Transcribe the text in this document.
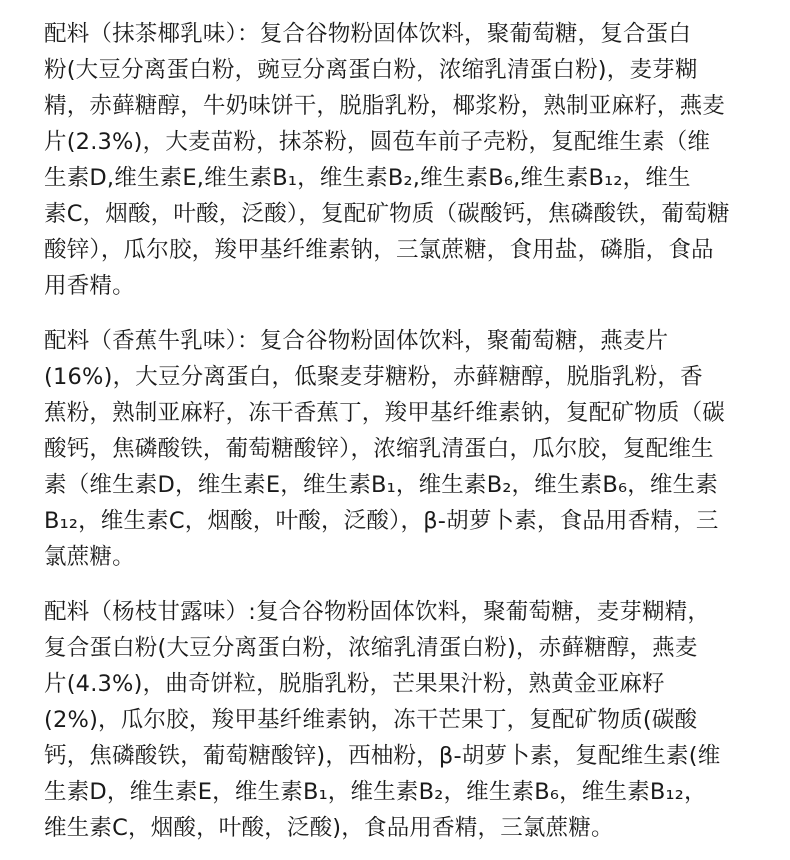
配料（抹茶椰乳味）：复合谷物粉固体饮料，聚葡萄糖，复合蛋白
粉(大豆分离蛋白粉，豌豆分离蛋白粉，浓缩乳清蛋白粉)，麦芽糊
精，赤藓糖醇，牛奶味饼干，脱脂乳粉，椰浆粉，熟制亚麻籽，燕麦
片(2.3%)，大麦苗粉，抹茶粉，圆苞车前子壳粉，复配维生素（维
生素D,维生素E,维生素B₁，维生素B₂,维生素B₆,维生素B₁₂，维生
素C，烟酸，叶酸，泛酸），复配矿物质（碳酸钙，焦磷酸铁，葡萄糖
酸锌），瓜尔胶，羧甲基纤维素钠，三氯蔗糖，食用盐，磷脂，食品
用香精。
配料（香蕉牛乳味）：复合谷物粉固体饮料，聚葡萄糖，燕麦片
(16%)，大豆分离蛋白，低聚麦芽糖粉，赤藓糖醇，脱脂乳粉，香
蕉粉，熟制亚麻籽，冻干香蕉丁，羧甲基纤维素钠，复配矿物质（碳
酸钙，焦磷酸铁，葡萄糖酸锌），浓缩乳清蛋白，瓜尔胶，复配维生
素（维生素D，维生素E，维生素B₁，维生素B₂，维生素B₆，维生素
B₁₂，维生素C，烟酸，叶酸，泛酸），β-胡萝卜素，食品用香精，三
氯蔗糖。
配料（杨枝甘露味）:复合谷物粉固体饮料，聚葡萄糖，麦芽糊精，
复合蛋白粉(大豆分离蛋白粉，浓缩乳清蛋白粉)，赤藓糖醇，燕麦
片(4.3%)，曲奇饼粒，脱脂乳粉，芒果果汁粉，熟黄金亚麻籽
(2%)，瓜尔胶，羧甲基纤维素钠，冻干芒果丁，复配矿物质(碳酸
钙，焦磷酸铁，葡萄糖酸锌)，西柚粉，β-胡萝卜素，复配维生素(维
生素D，维生素E，维生素B₁，维生素B₂，维生素B₆，维生素B₁₂，
维生素C，烟酸，叶酸，泛酸)，食品用香精，三氯蔗糖。
